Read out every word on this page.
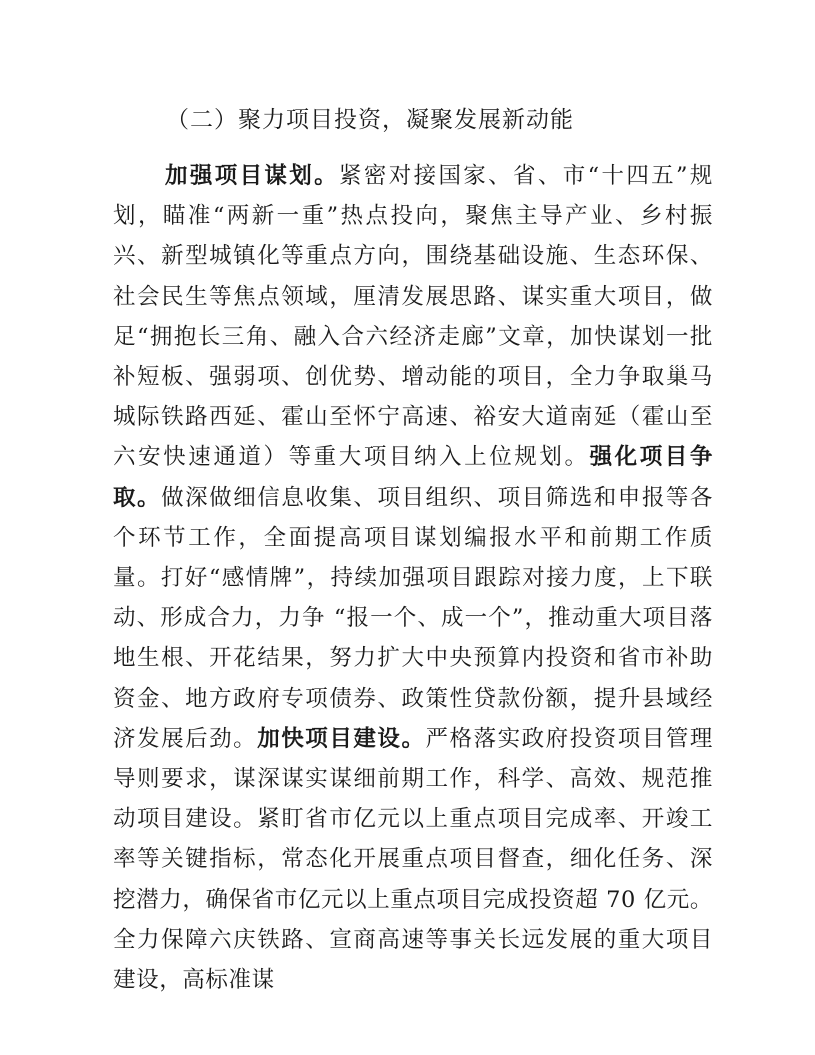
（二）聚力项目投资，凝聚发展新动能
加强项目谋划。紧密对接国家、省、市“十四五”规划，瞄准“两新一重”热点投向，聚焦主导产业、乡村振兴、新型城镇化等重点方向，围绕基础设施、生态环保、社会民生等焦点领域，厘清发展思路、谋实重大项目，做足“拥抱长三角、融入合六经济走廊”文章，加快谋划一批补短板、强弱项、创优势、增动能的项目，全力争取巢马城际铁路西延、霍山至怀宁高速、裕安大道南延（霍山至六安快速通道）等重大项目纳入上位规划。强化项目争取。做深做细信息收集、项目组织、项目筛选和申报等各个环节工作，全面提高项目谋划编报水平和前期工作质量。打好“感情牌”，持续加强项目跟踪对接力度，上下联动、形成合力，力争 “报一个、成一个”，推动重大项目落地生根、开花结果，努力扩大中央预算内投资和省市补助资金、地方政府专项债券、政策性贷款份额，提升县域经济发展后劲。加快项目建设。严格落实政府投资项目管理导则要求，谋深谋实谋细前期工作，科学、高效、规范推动项目建设。紧盯省市亿元以上重点项目完成率、开竣工率等关键指标，常态化开展重点项目督查，细化任务、深挖潜力，确保省市亿元以上重点项目完成投资超 70 亿元。全力保障六庆铁路、宣商高速等事关长远发展的重大项目建设，高标准谋
